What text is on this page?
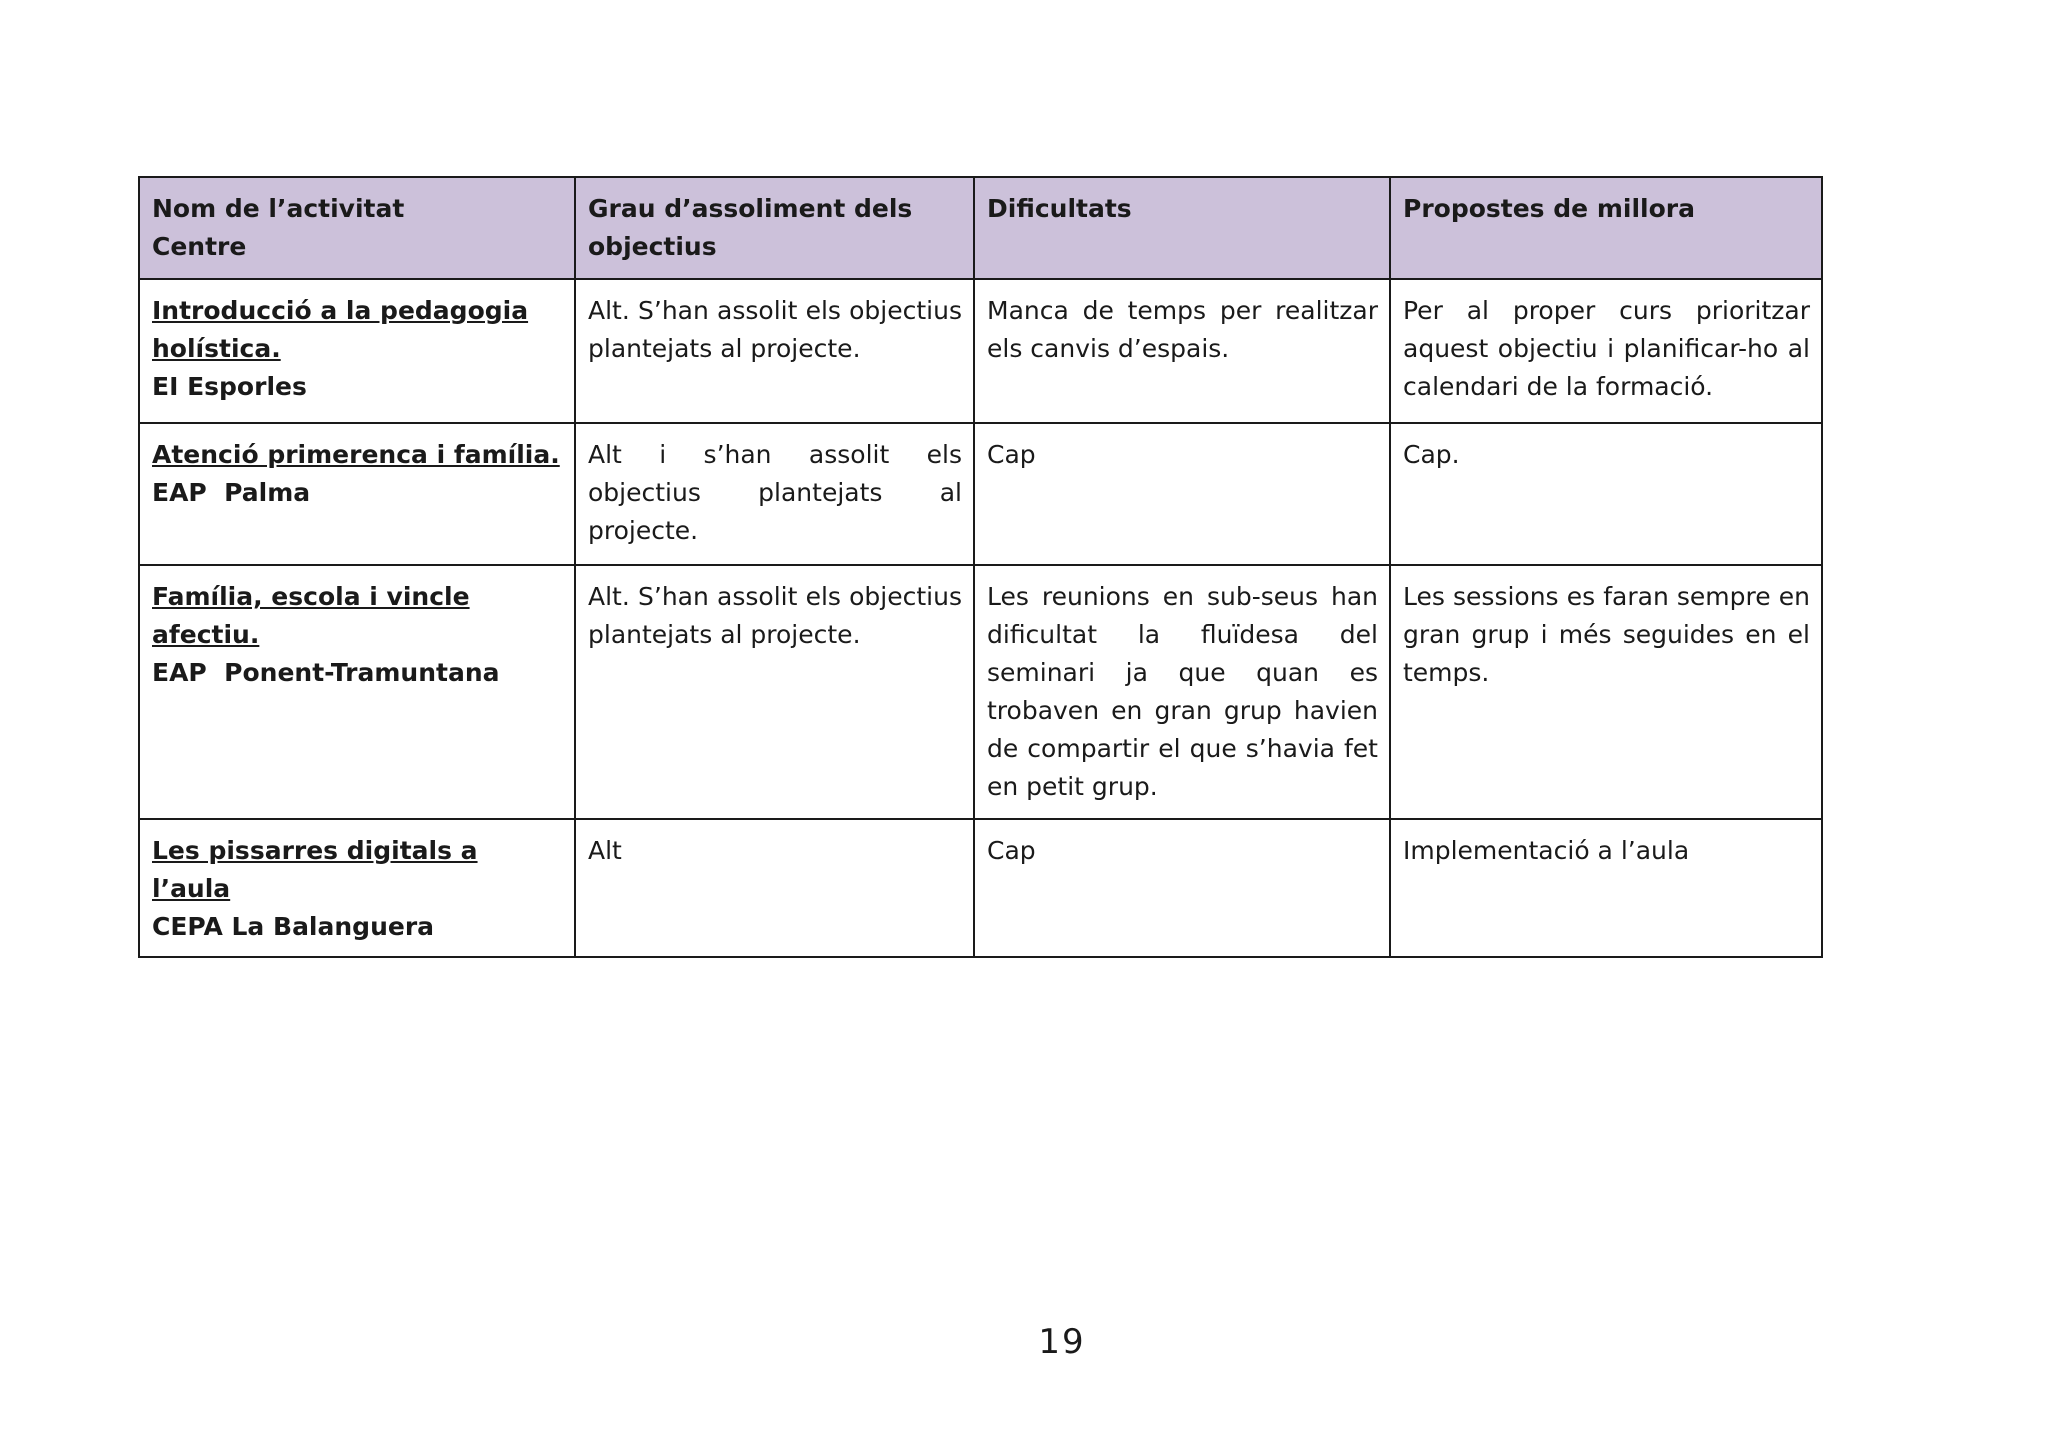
Nom de l’activitat
Centre	Grau d’assoliment dels objectius	Dificultats	Propostes de millora

Introducció a la pedagogia holística.
EI Esporles	Alt. S’han assolit els objectius plantejats al projecte.	Manca de temps per realitzar els canvis d’espais.	Per al proper curs prioritzar aquest objectiu i planificar-ho al calendari de la formació.

Atenció primerenca i família.
EAP  Palma	Alt i s’han assolit els objectius plantejats al projecte.	Cap	Cap.

Família, escola i vincle afectiu.
EAP  Ponent-Tramuntana	Alt. S’han assolit els objectius plantejats al projecte.	Les reunions en sub-seus han dificultat la fluïdesa del seminari ja que quan es trobaven en gran grup havien de compartir el que s’havia fet en petit grup.	Les sessions es faran sempre en gran grup i més seguides en el temps.

Les pissarres digitals a l’aula
CEPA La Balanguera	Alt	Cap	Implementació a l’aula
19
